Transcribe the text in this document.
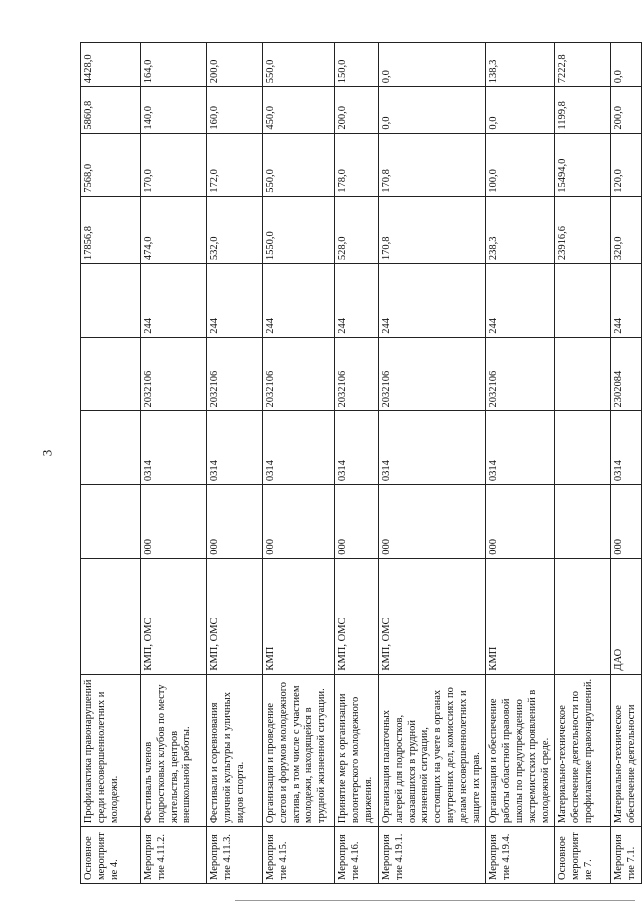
3
Основное мероприятие 4.	Профилактика правонарушений среди несовершеннолетних и молодежи.						17856,8	7568,0	5860,8	4428,0
Мероприятие 4.11.2.	Фестиваль членов подростковых клубов по месту жительства, центров внешкольной работы.	КМП, ОМС	000	0314	2032106	244	474,0	170,0	140,0	164,0
Мероприятие 4.11.3.	Фестивали и соревнования уличной культуры и уличных видов спорта.	КМП, ОМС	000	0314	2032106	244	532,0	172,0	160,0	200,0
Мероприятие 4.15.	Организация и проведение слетов и форумов молодежного актива, в том числе с участием молодежи, находящейся в трудной жизненной ситуации.	КМП	000	0314	2032106	244	1550,0	550,0	450,0	550,0
Мероприятие 4.16.	Принятие мер к организации волонтерского молодежного движения.	КМП, ОМС	000	0314	2032106	244	528,0	178,0	200,0	150,0
Мероприятие 4.19.1.	Организация палаточных лагерей для подростков, оказавшихся в трудной жизненной ситуации, состоящих на учете в органах внутренних дел, комиссиях по делам несовершеннолетних и защите их прав.	КМП, ОМС	000	0314	2032106	244	170,8	170,8	0,0	0,0
Мероприятие 4.19.4.	Организация и обеспечение работы областной правовой школы по предупреждению экстремистских проявлений в молодежной среде.	КМП	000	0314	2032106	244	238,3	100,0	0,0	138,3
Основное мероприятие 7.	Материально-техническое обеспечение деятельности по профилактике правонарушений.						23916,6	15494,0	1199,8	7222,8
Мероприятие 7.1.	Материально-техническое обеспечение деятельности	ДАО	000	0314	2302084	244	320,0	120,0	200,0	0,0
